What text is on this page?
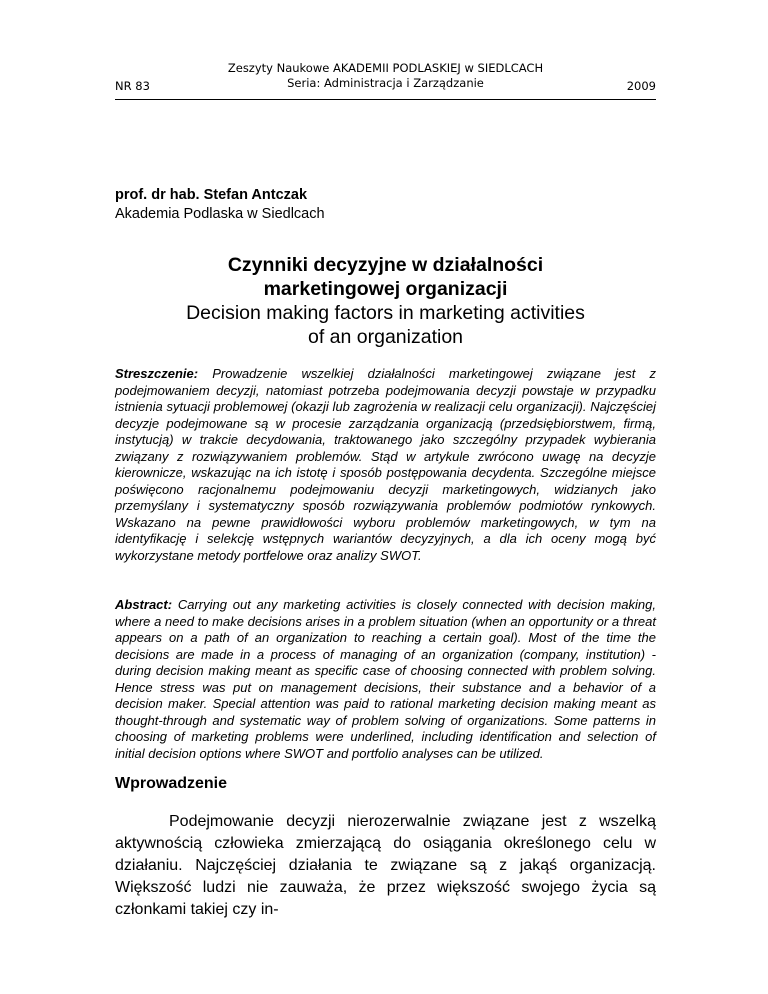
NR 83
Zeszyty Naukowe AKADEMII PODLASKIEJ w SIEDLCACH
Seria: Administracja i Zarządzanie	2009
prof. dr hab. Stefan Antczak
Akademia Podlaska w Siedlcach
Czynniki decyzyjne w działalności
marketingowej organizacji
Decision making factors in marketing activities
of an organization

Streszczenie: Prowadzenie wszelkiej działalności marketingowej związane jest z podejmowaniem decyzji, natomiast potrzeba podejmowania decyzji powstaje w przypadku istnienia sytuacji problemowej (okazji lub zagrożenia w realizacji celu organizacji). Najczęściej decyzje podejmowane są w procesie zarządzania organizacją (przedsiębiorstwem, firmą, instytucją) w trakcie decydowania, traktowanego jako szczególny przypadek wybierania związany z rozwiązywaniem problemów. Stąd w artykule zwrócono uwagę na decyzje kierownicze, wskazując na ich istotę i sposób postępowania decydenta. Szczególne miejsce poświęcono racjonalnemu podejmowaniu decyzji marketingowych, widzianych jako przemyślany i systematyczny sposób rozwiązywania problemów podmiotów rynkowych. Wskazano na pewne prawidłowości wyboru problemów marketingowych, w tym na identyfikację i selekcję wstępnych wariantów decyzyjnych, a dla ich oceny mogą być wykorzystane metody portfelowe oraz analizy SWOT.

Abstract: Carrying out any marketing activities is closely connected with decision making, where a need to make decisions arises in a problem situation (when an opportunity or a threat appears on a path of an organization to reaching a certain goal). Most of the time the decisions are made in a process of managing of an organization (company, institution) - during decision making meant as specific case of choosing connected with problem solving. Hence stress was put on management decisions, their substance and a behavior of a decision maker. Special attention was paid to rational marketing decision making meant as thought-through and systematic way of problem solving of organizations. Some patterns in choosing of marketing problems were underlined, including identification and selection of initial decision options where SWOT and portfolio analyses can be utilized.

Wprowadzenie

Podejmowanie decyzji nierozerwalnie związane jest z wszelką aktywnością człowieka zmierzającą do osiągania określonego celu w działaniu. Najczęściej działania te związane są z jakąś organizacją. Większość ludzi nie zauważa, że przez większość swojego życia są członkami takiej czy in-
